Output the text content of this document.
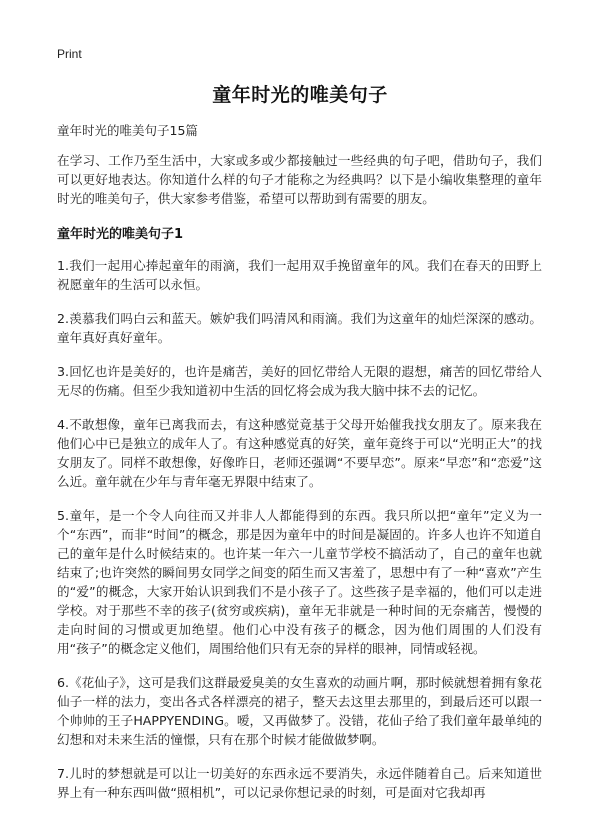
Print
童年时光的唯美句子
童年时光的唯美句子15篇

在学习、工作乃至生活中，大家或多或少都接触过一些经典的句子吧，借助句子，我们可以更好地表达。你知道什么样的句子才能称之为经典吗？以下是小编收集整理的童年时光的唯美句子，供大家参考借鉴，希望可以帮助到有需要的朋友。

童年时光的唯美句子1

1.我们一起用心捧起童年的雨滴，我们一起用双手挽留童年的风。我们在春天的田野上祝愿童年的生活可以永恒。

2.羡慕我们吗白云和蓝天。嫉妒我们吗清风和雨滴。我们为这童年的灿烂深深的感动。童年真好真好童年。

3.回忆也许是美好的，也许是痛苦，美好的回忆带给人无限的遐想，痛苦的回忆带给人无尽的伤痛。但至少我知道初中生活的回忆将会成为我大脑中抹不去的记忆。

4.不敢想像，童年已离我而去，有这种感觉竟基于父母开始催我找女朋友了。原来我在他们心中已是独立的成年人了。有这种感觉真的好笑，童年竟终于可以“光明正大”的找女朋友了。同样不敢想像，好像昨日，老师还强调“不要早恋”。原来“早恋”和“恋爱”这么近。童年就在少年与青年毫无界限中结束了。

5.童年，是一个令人向往而又并非人人都能得到的东西。我只所以把“童年”定义为一个“东西”，而非“时间”的概念，那是因为童年中的时间是凝固的。许多人也许不知道自己的童年是什么时候结束的。也许某一年六一儿童节学校不搞活动了，自己的童年也就结束了;也许突然的瞬间男女同学之间变的陌生而又害羞了，思想中有了一种“喜欢”产生的“爱”的概念，大家开始认识到我们不是小孩子了。这些孩子是幸福的，他们可以走进学校。对于那些不幸的孩子(贫穷或疾病)，童年无非就是一种时间的无奈痛苦，慢慢的走向时间的习惯或更加绝望。他们心中没有孩子的概念，因为他们周围的人们没有用“孩子”的概念定义他们，周围给他们只有无奈的异样的眼神，同情或轻视。

6.《花仙子》，这可是我们这群最爱臭美的女生喜欢的动画片啊，那时候就想着拥有象花仙子一样的法力，变出各式各样漂亮的裙子，整天去这里去那里的，到最后还可以跟一个帅帅的王子HAPPYENDING。嗳，又再做梦了。没错，花仙子给了我们童年最单纯的幻想和对未来生活的憧憬，只有在那个时候才能做做梦啊。

7.儿时的梦想就是可以让一切美好的东西永远不要消失，永远伴随着自己。后来知道世界上有一种东西叫做“照相机”，可以记录你想记录的时刻，可是面对它我却再
